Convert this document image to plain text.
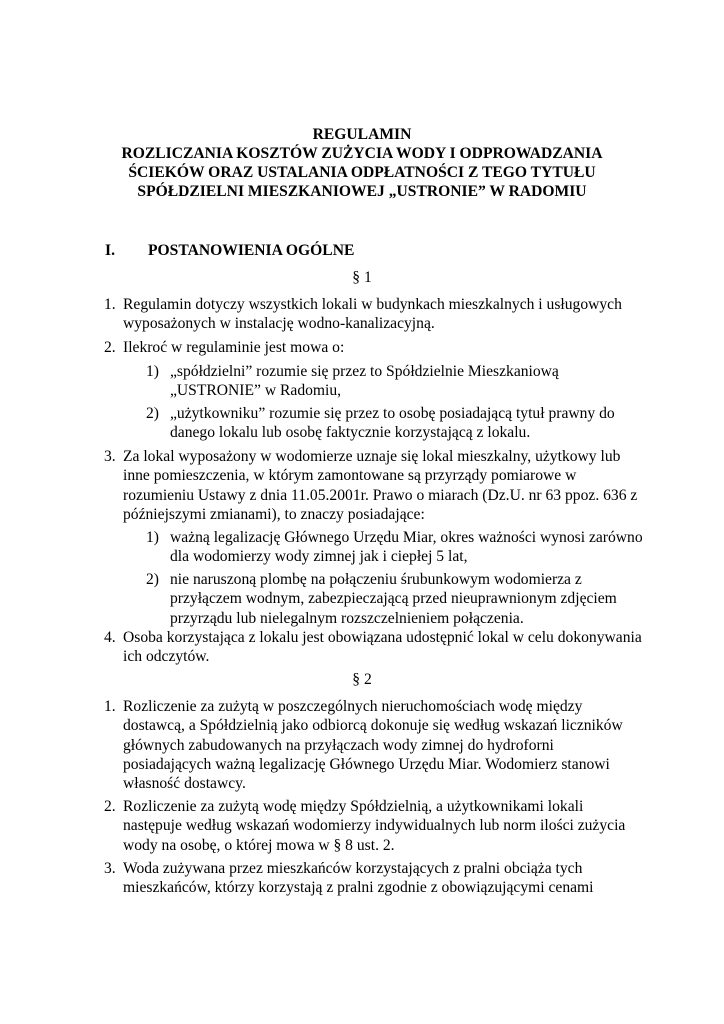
REGULAMIN
ROZLICZANIA KOSZTÓW ZUŻYCIA WODY I ODPROWADZANIA
ŚCIEKÓW ORAZ USTALANIA ODPŁATNOŚCI Z TEGO TYTUŁU
SPÓŁDZIELNI MIESZKANIOWEJ „USTRONIE” W RADOMIU
I. POSTANOWIENIA OGÓLNE
§ 1
1. Regulamin dotyczy wszystkich lokali w budynkach mieszkalnych i usługowych
wyposażonych w instalację wodno-kanalizacyjną.
2. Ilekroć w regulaminie jest mowa o:
1) „spółdzielni” rozumie się przez to Spółdzielnie Mieszkaniową
„USTRONIE” w Radomiu,
2) „użytkowniku” rozumie się przez to osobę posiadającą tytuł prawny do
danego lokalu lub osobę faktycznie korzystającą z lokalu.
3. Za lokal wyposażony w wodomierze uznaje się lokal mieszkalny, użytkowy lub
inne pomieszczenia, w którym zamontowane są przyrządy pomiarowe w
rozumieniu Ustawy z dnia 11.05.2001r. Prawo o miarach (Dz.U. nr 63 ppoz. 636 z
późniejszymi zmianami), to znaczy posiadające:
1) ważną legalizację Głównego Urzędu Miar, okres ważności wynosi zarówno
dla wodomierzy wody zimnej jak i ciepłej 5 lat,
2) nie naruszoną plombę na połączeniu śrubunkowym wodomierza z
przyłączem wodnym, zabezpieczającą przed nieuprawnionym zdjęciem
przyrządu lub nielegalnym rozszczelnieniem połączenia.
4. Osoba korzystająca z lokalu jest obowiązana udostępnić lokal w celu dokonywania
ich odczytów.
§ 2
1. Rozliczenie za zużytą w poszczególnych nieruchomościach wodę między
dostawcą, a Spółdzielnią jako odbiorcą dokonuje się według wskazań liczników
głównych zabudowanych na przyłączach wody zimnej do hydroforni
posiadających ważną legalizację Głównego Urzędu Miar. Wodomierz stanowi
własność dostawcy.
2. Rozliczenie za zużytą wodę między Spółdzielnią, a użytkownikami lokali
następuje według wskazań wodomierzy indywidualnych lub norm ilości zużycia
wody na osobę, o której mowa w § 8 ust. 2.
3. Woda zużywana przez mieszkańców korzystających z pralni obciąża tych
mieszkańców, którzy korzystają z pralni zgodnie z obowiązującymi cenami
